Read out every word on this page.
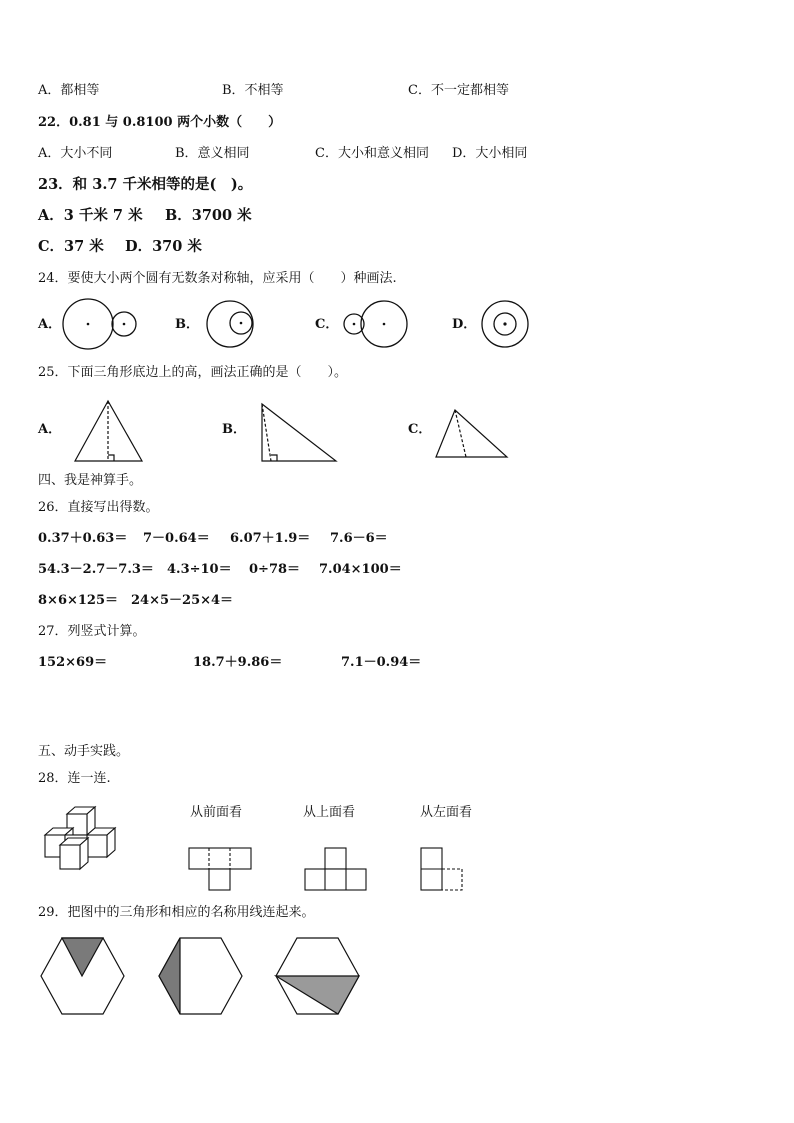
A．都相等	B．不相等	C．不一定都相等
22．0.81 与 0.8100 两个小数（　　）
A．大小不同	B．意义相同	C．大小和意义相同 D．大小相同
23．和 3.7 千米相等的是(　)。
A．3 千米 7 米 B．3700 米
C．37 米 D．370 米
24．要使大小两个圆有无数条对称轴，应采用（　　）种画法.
A．	B．	C．	D．
25．下面三角形底边上的高，画法正确的是（　　）。
A．	B．	C．
四、我是神算手。
26．直接写出得数。
0.37＋0.63＝ 7－0.64＝ 6.07＋1.9＝ 7.6－6＝
54.3－2.7－7.3＝ 4.3÷10＝ 0÷78＝ 7.04×100＝
8×6×125＝ 24×5－25×4＝
27．列竖式计算。
152×69＝	18.7＋9.86＝	7.1－0.94＝
五、动手实践。
28．连一连.
从前面看	从上面看	从左面看
29．把图中的三角形和相应的名称用线连起来。
